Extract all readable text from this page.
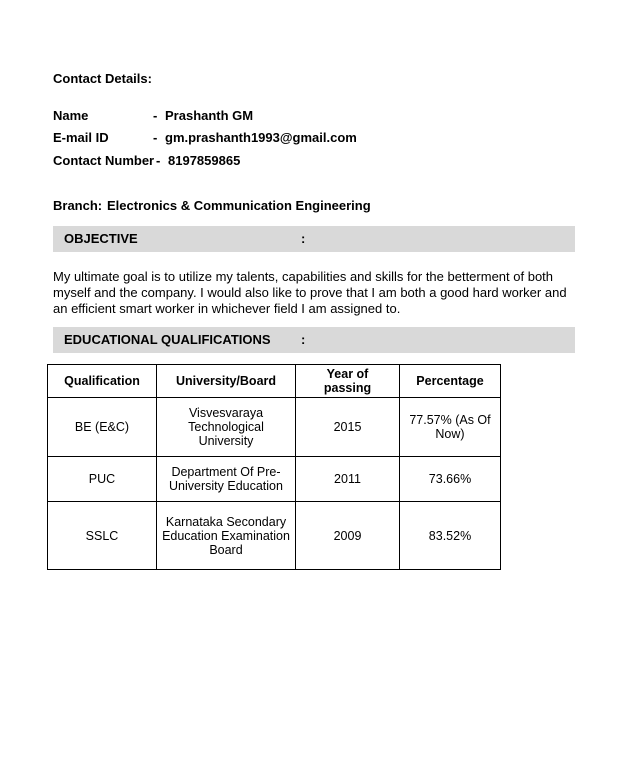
Contact Details:
Name	- Prashanth GM
E-mail ID	- gm.prashanth1993@gmail.com
Contact Number - 8197859865
Branch: Electronics & Communication Engineering
OBJECTIVE	:
My ultimate goal is to utilize my talents, capabilities and skills for the betterment of both myself and the company. I would also like to prove that I am both a good hard worker and an efficient smart worker in whichever field I am assigned to.
EDUCATIONAL QUALIFICATIONS :
Qualification	University/Board	Year of passing	Percentage
BE (E&C)	Visvesvaraya Technological University	2015	77.57% (As Of Now)
PUC	Department Of Pre-University Education	2011	73.66%
SSLC	Karnataka Secondary Education Examination Board	2009	83.52%
